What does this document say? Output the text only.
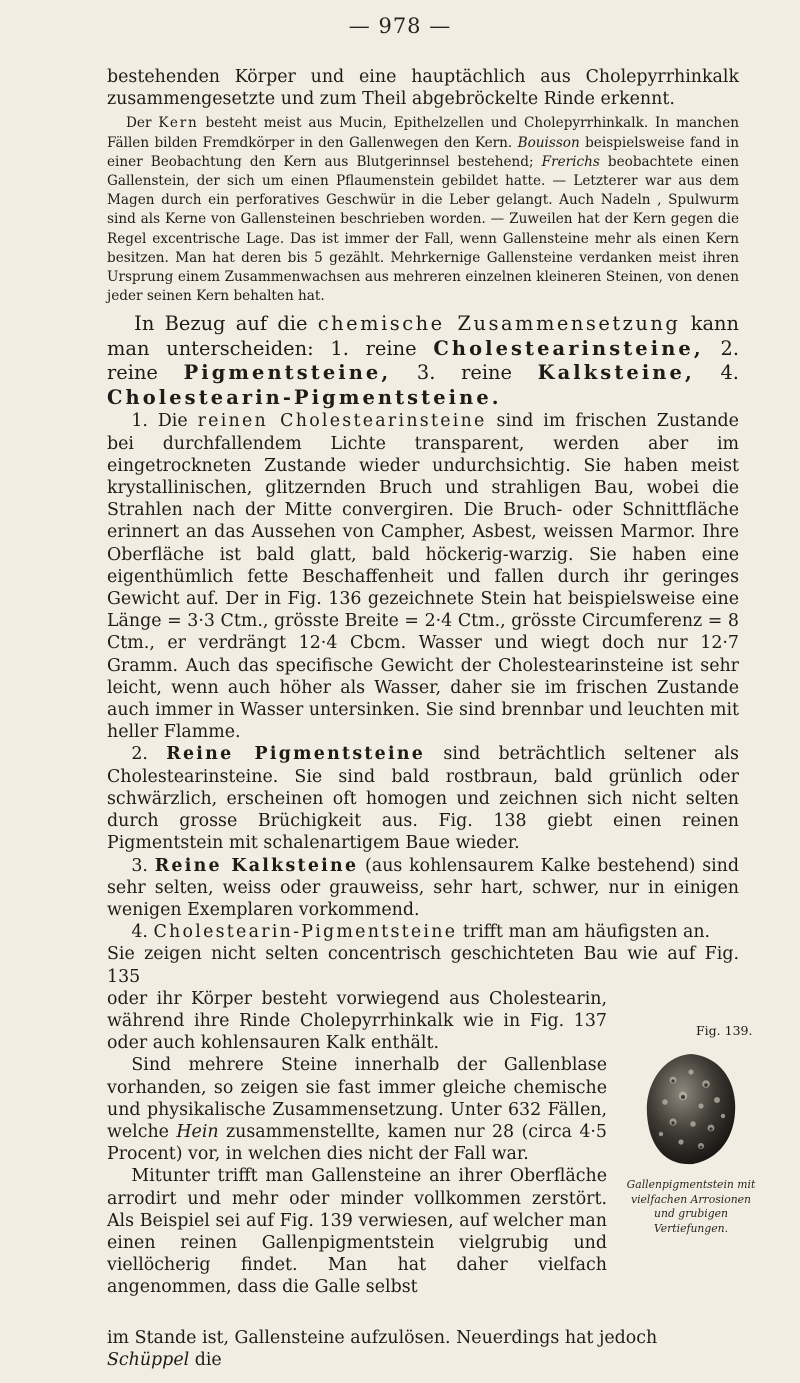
— 978 —

bestehenden Körper und eine hauptächlich aus Cholepyrrhinkalk zusammengesetzte und zum Theil abgebröckelte Rinde erkennt.

Der Kern besteht meist aus Mucin, Epithelzellen und Cholepyrrhinkalk. In manchen Fällen bilden Fremdkörper in den Gallenwegen den Kern. Bouisson beispielsweise fand in einer Beobachtung den Kern aus Blutgerinnsel bestehend; Frerichs beobachtete einen Gallenstein, der sich um einen Pflaumenstein gebildet hatte. — Letzterer war aus dem Magen durch ein perforatives Geschwür in die Leber gelangt. Auch Nadeln , Spulwurm sind als Kerne von Gallensteinen beschrieben worden. — Zuweilen hat der Kern gegen die Regel excentrische Lage. Das ist immer der Fall, wenn Gallensteine mehr als einen Kern besitzen. Man hat deren bis 5 gezählt. Mehrkernige Gallensteine verdanken meist ihren Ursprung einem Zusammenwachsen aus mehreren einzelnen kleineren Steinen, von denen jeder seinen Kern behalten hat.

In Bezug auf die chemische Zusammensetzung kann man unterscheiden: 1. reine Cholestearinsteine, 2. reine Pigmentsteine, 3. reine Kalksteine, 4. Cholestearin-Pigmentsteine.

1. Die reinen Cholestearinsteine sind im frischen Zustande bei durchfallendem Lichte transparent, werden aber im eingetrockneten Zustande wieder undurchsichtig. Sie haben meist krystallinischen, glitzernden Bruch und strahligen Bau, wobei die Strahlen nach der Mitte convergiren. Die Bruch- oder Schnittfläche erinnert an das Aussehen von Campher, Asbest, weissen Marmor. Ihre Oberfläche ist bald glatt, bald höckerig-warzig. Sie haben eine eigenthümlich fette Beschaffenheit und fallen durch ihr geringes Gewicht auf. Der in Fig. 136 gezeichnete Stein hat beispielsweise eine Länge = 3·3 Ctm., grösste Breite = 2·4 Ctm., grösste Circumferenz = 8 Ctm., er verdrängt 12·4 Cbcm. Wasser und wiegt doch nur 12·7 Gramm. Auch das specifische Gewicht der Cholestearinsteine ist sehr leicht, wenn auch höher als Wasser, daher sie im frischen Zustande auch immer in Wasser untersinken. Sie sind brennbar und leuchten mit heller Flamme.

2. Reine Pigmentsteine sind beträchtlich seltener als Cholestearinsteine. Sie sind bald rostbraun, bald grünlich oder schwärzlich, erscheinen oft homogen und zeichnen sich nicht selten durch grosse Brüchigkeit aus. Fig. 138 giebt einen reinen Pigmentstein mit schalenartigem Baue wieder.

3. Reine Kalksteine (aus kohlensaurem Kalke bestehend) sind sehr selten, weiss oder grauweiss, sehr hart, schwer, nur in einigen wenigen Exemplaren vorkommend.

4. Cholestearin-Pigmentsteine trifft man am häufigsten an.

Sie zeigen nicht selten concentrisch geschichteten Bau wie auf Fig. 135

oder ihr Körper besteht vorwiegend aus Cholestearin, während ihre Rinde Cholepyrrhinkalk wie in Fig. 137 oder auch kohlensauren Kalk enthält.

Sind mehrere Steine innerhalb der Gallenblase vorhanden, so zeigen sie fast immer gleiche chemische und physikalische Zusammensetzung. Unter 632 Fällen, welche Hein zusammenstellte, kamen nur 28 (circa 4·5 Procent) vor, in welchen dies nicht der Fall war.

Mitunter trifft man Gallensteine an ihrer Oberfläche arrodirt und mehr oder minder vollkommen zerstört. Als Beispiel sei auf Fig. 139 verwiesen, auf welcher man einen reinen Gallenpigmentstein vielgrubig und viellöcherig findet. Man hat daher vielfach angenommen, dass die Galle selbst

im Stande ist, Gallensteine aufzulösen. Neuerdings hat jedoch Schüppel die
Fig. 139.
Gallenpigmentstein mit vielfachen Arrosionen und grubigen Vertiefungen.
